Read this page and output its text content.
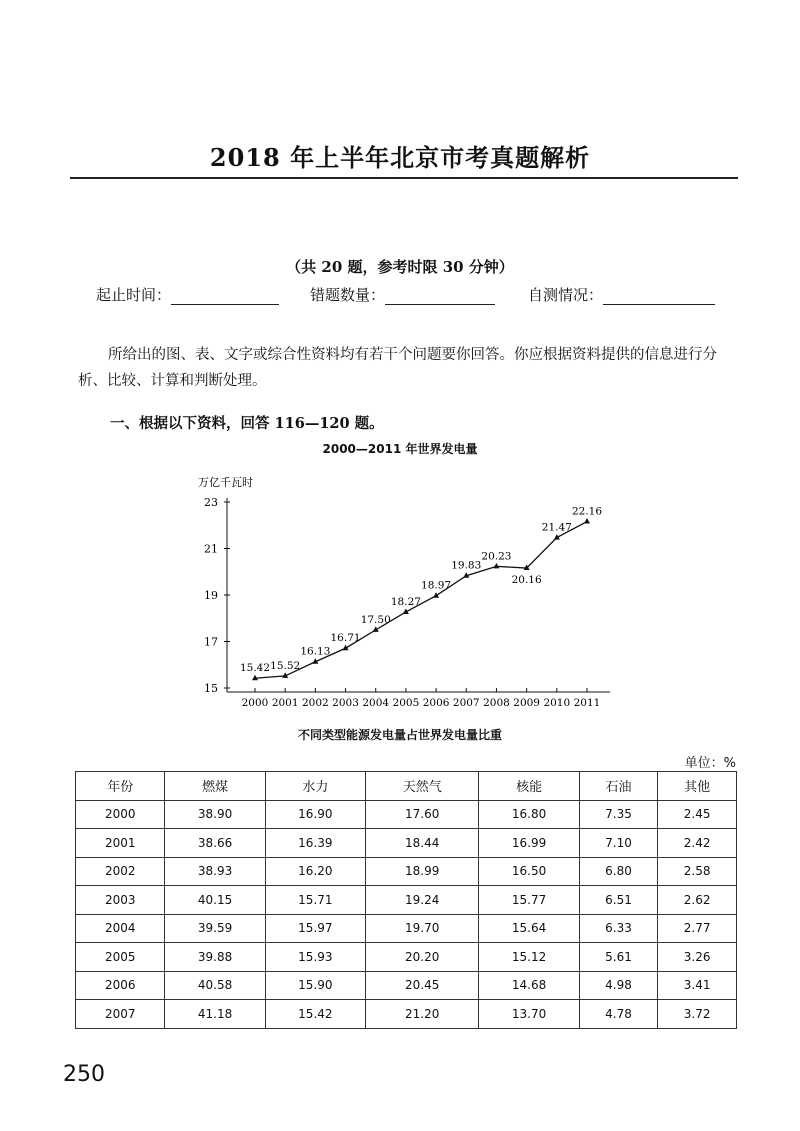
2018 年上半年北京市考真题解析
（共 20 题，参考时限 30 分钟）
起止时间：	错题数量：	自测情况：
所给出的图、表、文字或综合性资料均有若干个问题要你回答。你应根据资料提供的信息进行分析、比较、计算和判断处理。
一、根据以下资料，回答 116—120 题。
2000—2011 年世界发电量
万亿千瓦时
15
17
19
21
23
2000 2001 2002 2003 2004 2005 2006 2007 2008 2009 2010 2011
15.42 15.52
16.13
16.71
17.50
18.27
18.97
19.83
20.23
20.16
21.47
22.16
不同类型能源发电量占世界发电量比重
单位：%
年份	燃煤	水力	天然气	核能	石油	其他
2000	38.90	16.90	17.60	16.80	7.35	2.45
2001	38.66	16.39	18.44	16.99	7.10	2.42
2002	38.93	16.20	18.99	16.50	6.80	2.58
2003	40.15	15.71	19.24	15.77	6.51	2.62
2004	39.59	15.97	19.70	15.64	6.33	2.77
2005	39.88	15.93	20.20	15.12	5.61	3.26
2006	40.58	15.90	20.45	14.68	4.98	3.41
2007	41.18	15.42	21.20	13.70	4.78	3.72
250
